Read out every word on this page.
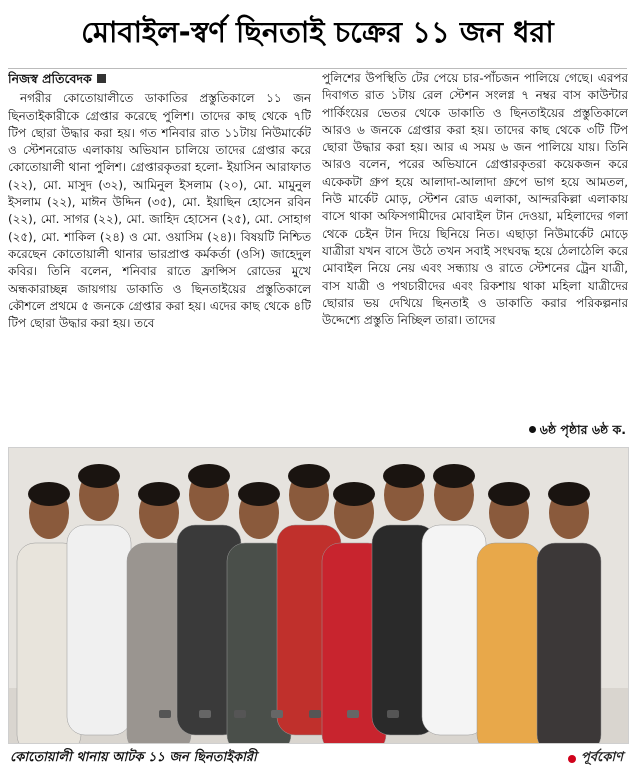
মোবাইল-স্বর্ণ ছিনতাই চক্রের ১১ জন ধরা
নিজস্ব প্রতিবেদক

নগরীর কোতোয়ালীতে ডাকাতির প্রস্তুতিকালে ১১ জন ছিনতাইকারীকে গ্রেপ্তার করেছে পুলিশ। তাদের কাছ থেকে ৭টি টিপ ছোরা উদ্ধার করা হয়। গত শনিবার রাত ১১টায় নিউমার্কেট ও স্টেশনরোড এলাকায় অভিযান চালিয়ে তাদের গ্রেপ্তার করে কোতোয়ালী থানা পুলিশ। গ্রেপ্তারকৃতরা হলো- ইয়াসিন আরাফাত (২২), মো. মাসুদ (৩২), আমিনুল ইসলাম (২০), মো. মামুনুল ইসলাম (২২), মাঈন উদ্দিন (৩৫), মো. ইয়াছিন হোসেন রবিন (২২), মো. সাগর (২২), মো. জাহিদ হোসেন (২৫), মো. সোহাগ (২৫), মো. শাকিল (২৪) ও মো. ওয়াসিম (২৪)। বিষয়টি নিশ্চিত করেছেন কোতোয়ালী থানার ভারপ্রাপ্ত কর্মকর্তা (ওসি) জাহেদুল কবির। তিনি বলেন, শনিবার রাতে ফ্রান্সিস রোডের মুখে অন্ধকারাচ্ছন্ন জায়গায় ডাকাতি ও ছিনতাইয়ের প্রস্তুতিকালে কৌশলে প্রথমে ৫ জনকে গ্রেপ্তার করা হয়। এদের কাছ থেকে ৪টি টিপ ছোরা উদ্ধার করা হয়। তবে

পুলিশের উপস্থিতি টের পেয়ে চার-পাঁচজন পালিয়ে গেছে। এরপর দিবাগত রাত ১টায় রেল স্টেশন সংলগ্ন ৭ নম্বর বাস কাউন্টার পার্কিংয়ের ভেতর থেকে ডাকাতি ও ছিনতাইয়ের প্রস্তুতিকালে আরও ৬ জনকে গ্রেপ্তার করা হয়। তাদের কাছ থেকে ৩টি টিপ ছোরা উদ্ধার করা হয়। আর এ সময় ৬ জন পালিয়ে যায়। তিনি আরও বলেন, পরের অভিযানে গ্রেপ্তারকৃতরা কয়েকজন করে একেকটা গ্রুপ হয়ে আলাদা-আলাদা গ্রুপে ভাগ হয়ে আমতল, নিউ মার্কেট মোড়, স্টেশন রোড এলাকা, আন্দরকিল্লা এলাকায় বাসে থাকা অফিসগামীদের মোবাইল টান দেওয়া, মহিলাদের গলা থেকে চেইন টান দিয়ে ছিনিয়ে নিত। এছাড়া নিউমার্কেট মোড়ে যাত্রীরা যখন বাসে উঠে তখন সবাই সংঘবদ্ধ হয়ে ঠেলাঠেলি করে মোবাইল নিয়ে নেয় এবং সন্ধ্যায় ও রাতে স্টেশনের ট্রেন যাত্রী, বাস যাত্রী ও পথচারীদের এবং রিকশায় থাকা মহিলা যাত্রীদের ছোরার ভয় দেখিয়ে ছিনতাই ও ডাকাতি করার পরিকল্পনার উদ্দেশ্যে প্রস্তুতি নিচ্ছিল তারা। তাদের

৬ষ্ঠ পৃষ্ঠার ৬ষ্ঠ ক.
কোতোয়ালী থানায় আটক ১১ জন ছিনতাইকারী	পূর্বকোণ
